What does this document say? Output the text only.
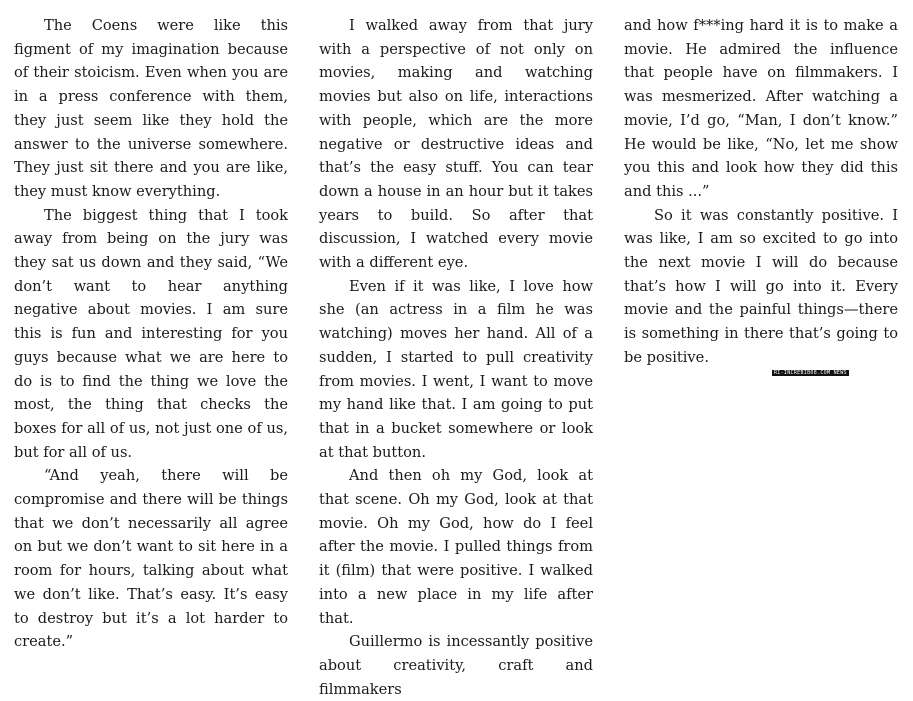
The Coens were like this figment of my imagination because of their stoicism. Even when you are in a press conference with them, they just seem like they hold the answer to the universe somewhere. They just sit there and you are like, they must know everything.

The biggest thing that I took away from being on the jury was they sat us down and they said, “We don’t want to hear anything negative about movies. I am sure this is fun and interesting for you guys because what we are here to do is to find the thing we love the most, the thing that checks the boxes for all of us, not just one of us, but for all of us.

“And yeah, there will be compromise and there will be things that we don’t necessarily all agree on but we don’t want to sit here in a room for hours, talking about what we don’t like. That’s easy. It’s easy to destroy but it’s a lot harder to create.”

I walked away from that jury with a perspective of not only on movies, making and watching movies but also on life, interactions with people, which are the more negative or destructive ideas and that’s the easy stuff. You can tear down a house in an hour but it takes years to build. So after that discussion, I watched every movie with a different eye.

Even if it was like, I love how she (an actress in a film he was watching) moves her hand. All of a sudden, I started to pull creativity from movies. I went, I want to move my hand like that. I am going to put that in a bucket somewhere or look at that button.

And then oh my God, look at that scene. Oh my God, look at that movie. Oh my God, how do I feel after the movie. I pulled things from it (film) that were positive. I walked into a new place in my life after that.

Guillermo is incessantly positive about creativity, craft and filmmakers

and how f***ing hard it is to make a movie. He admired the influence that people have on filmmakers. I was mesmerized. After watching a movie, I’d go, “Man, I don’t know.” He would be like, “No, let me show you this and look how they did this and this ...”

So it was constantly positive. I was like, I am so excited to go into the next movie I will do because that’s how I will go into it. Every movie and the painful things—there is something in there that’s going to be positive.

RI-INCREBIB08.COM NEWS
